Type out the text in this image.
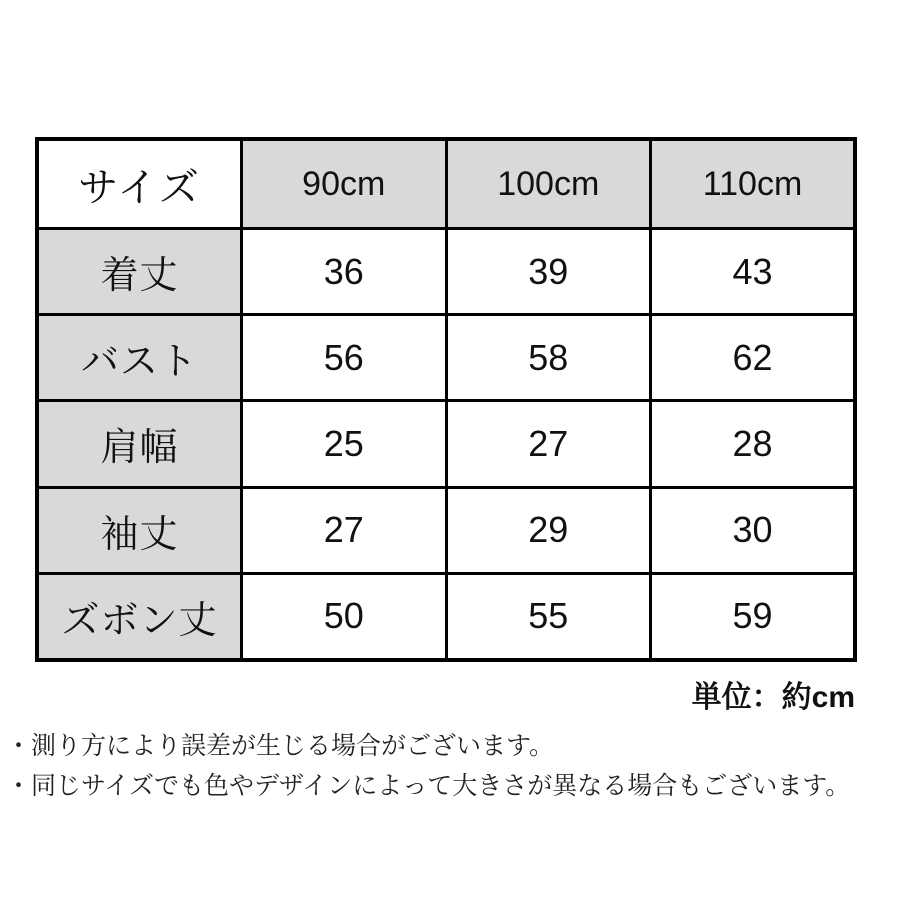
サイズ	90cm	100cm	110cm
着丈	36	39	43
バスト	56	58	62
肩幅	25	27	28
袖丈	27	29	30
ズボン丈	50	55	59
単位：約cm
・測り方により誤差が生じる場合がございます。
・同じサイズでも色やデザインによって大きさが異なる場合もございます。
